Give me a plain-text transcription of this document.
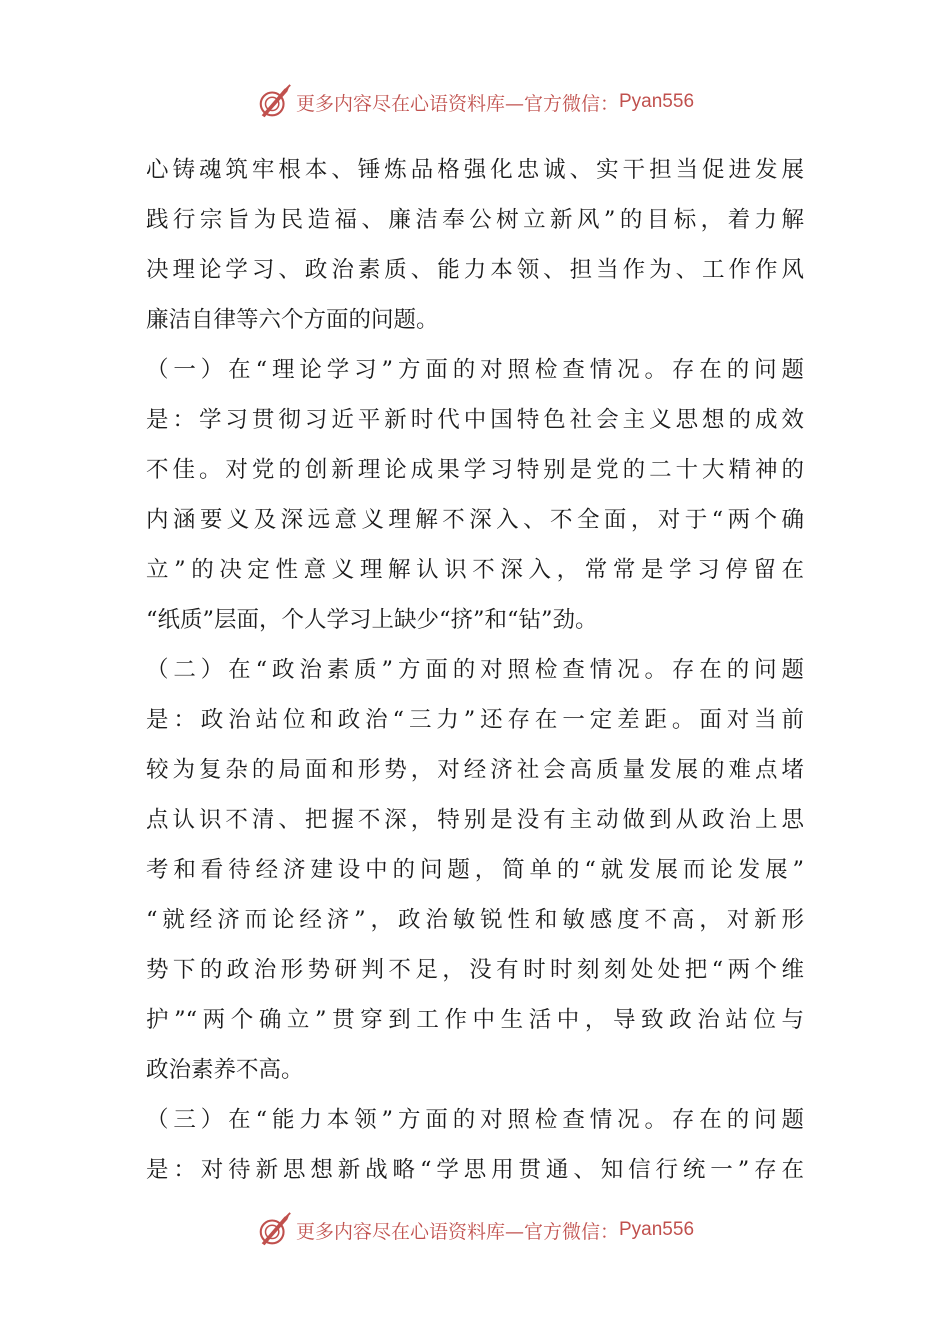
更多内容尽在心语资料库—官方微信： Pyan556

心铸魂筑牢根本、锤炼品格强化忠诚、实干担当促进发展

践行宗旨为民造福、廉洁奉公树立新风”的目标，着力解

决理论学习、政治素质、能力本领、担当作为、工作作风

廉洁自律等六个方面的问题。

（一）在“理论学习”方面的对照检查情况。存在的问题

是：学习贯彻习近平新时代中国特色社会主义思想的成效

不佳。对党的创新理论成果学习特别是党的二十大精神的

内涵要义及深远意义理解不深入、不全面，对于“两个确

立”的决定性意义理解认识不深入，常常是学习停留在

“纸质”层面，个人学习上缺少“挤”和“钻”劲。

（二）在“政治素质”方面的对照检查情况。存在的问题

是：政治站位和政治“三力”还存在一定差距。面对当前

较为复杂的局面和形势，对经济社会高质量发展的难点堵

点认识不清、把握不深，特别是没有主动做到从政治上思

考和看待经济建设中的问题，简单的“就发展而论发展”

“就经济而论经济”，政治敏锐性和敏感度不高，对新形

势下的政治形势研判不足，没有时时刻刻处处把“两个维

护”“两个确立”贯穿到工作中生活中，导致政治站位与

政治素养不高。

（三）在“能力本领”方面的对照检查情况。存在的问题

是：对待新思想新战略“学思用贯通、知信行统一”存在

更多内容尽在心语资料库—官方微信： Pyan556
